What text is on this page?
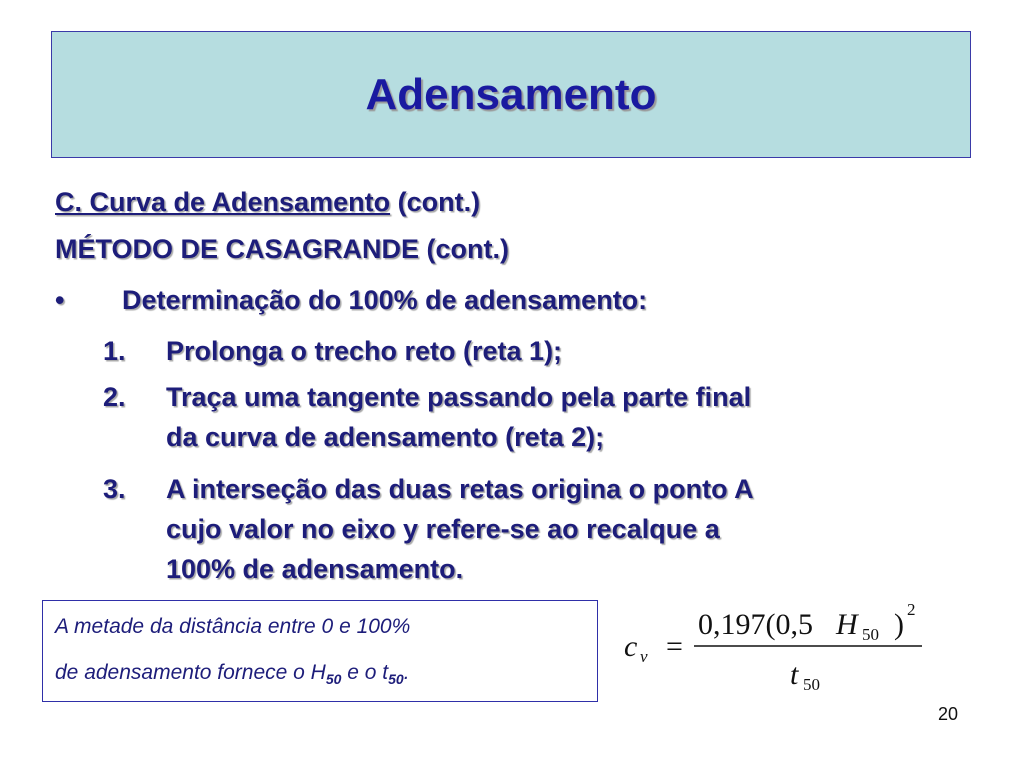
Adensamento
C. Curva de Adensamento (cont.)
MÉTODO DE CASAGRANDE (cont.)
• Determinação do 100% de adensamento:
1. Prolonga o trecho reto (reta 1);
2. Traça uma tangente passando pela parte final
da curva de adensamento (reta 2);
3. A interseção das duas retas origina o ponto A
cujo valor no eixo y refere-se ao recalque a
100% de adensamento.
A metade da distância entre 0 e 100%
de adensamento fornece o $H_{50}$ e o $t_{50}$.
c v =
0,197(0,5 H 50 ) 2
t 50
20
